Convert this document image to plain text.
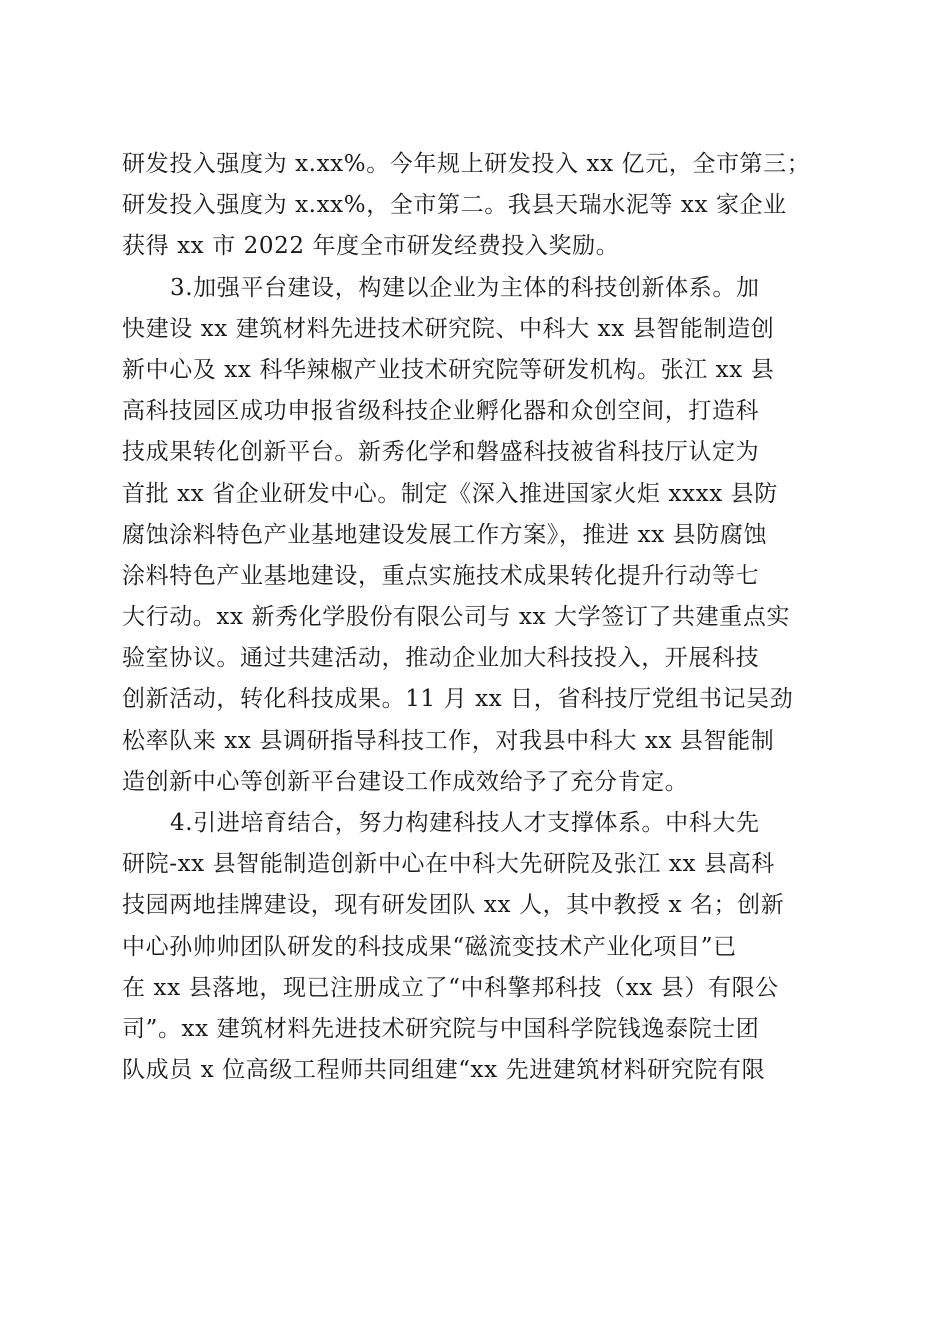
研发投入强度为 x.xx%。今年规上研发投入 xx 亿元，全市第三；
研发投入强度为 x.xx%，全市第二。我县天瑞水泥等 xx 家企业
获得 xx 市 2022 年度全市研发经费投入奖励。
3.加强平台建设，构建以企业为主体的科技创新体系。加
快建设 xx 建筑材料先进技术研究院、中科大 xx 县智能制造创
新中心及 xx 科华辣椒产业技术研究院等研发机构。张江 xx 县
高科技园区成功申报省级科技企业孵化器和众创空间，打造科
技成果转化创新平台。新秀化学和磐盛科技被省科技厅认定为
首批 xx 省企业研发中心。制定《深入推进国家火炬 xxxx 县防
腐蚀涂料特色产业基地建设发展工作方案》，推进 xx 县防腐蚀
涂料特色产业基地建设，重点实施技术成果转化提升行动等七
大行动。xx 新秀化学股份有限公司与 xx 大学签订了共建重点实
验室协议。通过共建活动，推动企业加大科技投入，开展科技
创新活动，转化科技成果。11 月 xx 日，省科技厅党组书记吴劲
松率队来 xx 县调研指导科技工作，对我县中科大 xx 县智能制
造创新中心等创新平台建设工作成效给予了充分肯定。
4.引进培育结合，努力构建科技人才支撑体系。中科大先
研院-xx 县智能制造创新中心在中科大先研院及张江 xx 县高科
技园两地挂牌建设，现有研发团队 xx 人，其中教授 x 名；创新
中心孙帅帅团队研发的科技成果“磁流变技术产业化项目”已
在 xx 县落地，现已注册成立了“中科擎邦科技（xx 县）有限公
司”。xx 建筑材料先进技术研究院与中国科学院钱逸泰院士团
队成员 x 位高级工程师共同组建“xx 先进建筑材料研究院有限
